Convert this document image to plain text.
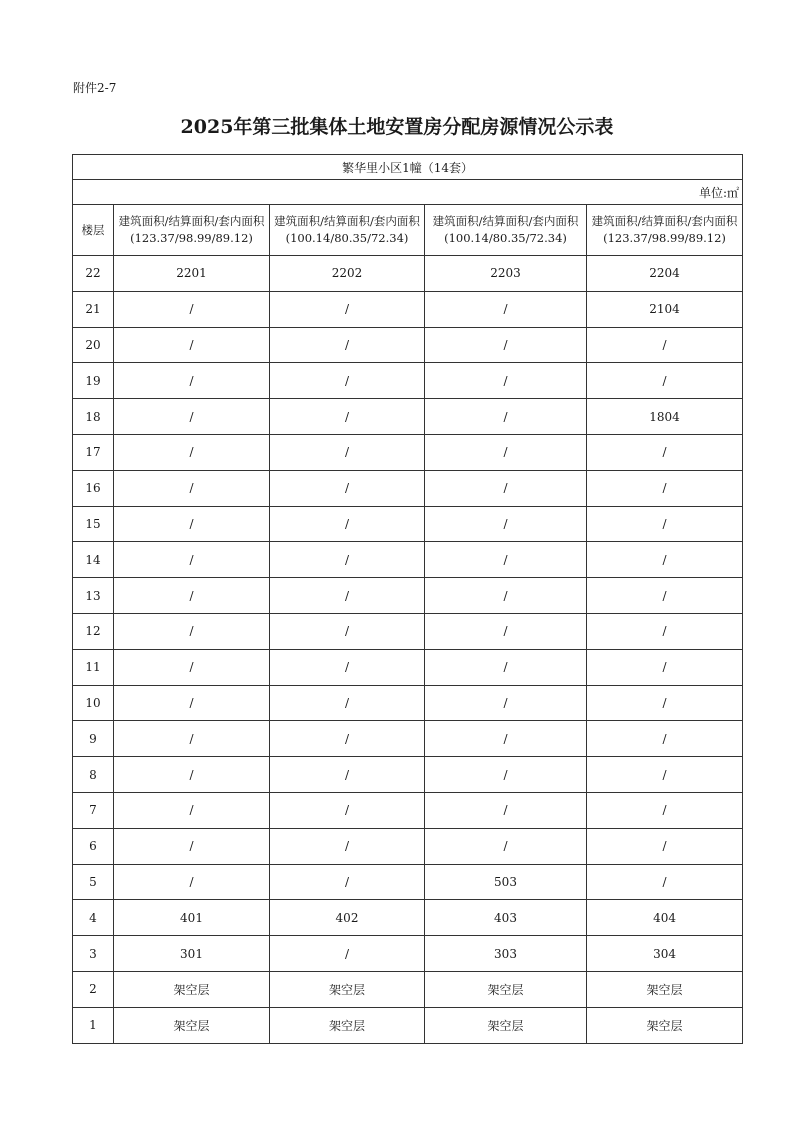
附件2-7
2025年第三批集体土地安置房分配房源情况公示表
繁华里小区1幢（14套）				
单位:㎡				
楼层	建筑面积/结算面积/套内面积(123.37/98.99/89.12)	建筑面积/结算面积/套内面积(100.14/80.35/72.34)	建筑面积/结算面积/套内面积(100.14/80.35/72.34)	建筑面积/结算面积/套内面积(123.37/98.99/89.12)
22	2201	2202	2203	2204
21	/	/	/	2104
20	/	/	/	/
19	/	/	/	/
18	/	/	/	1804
17	/	/	/	/
16	/	/	/	/
15	/	/	/	/
14	/	/	/	/
13	/	/	/	/
12	/	/	/	/
11	/	/	/	/
10	/	/	/	/
9	/	/	/	/
8	/	/	/	/
7	/	/	/	/
6	/	/	/	/
5	/	/	503	/
4	401	402	403	404
3	301	/	303	304
2	架空层	架空层	架空层	架空层
1	架空层	架空层	架空层	架空层
